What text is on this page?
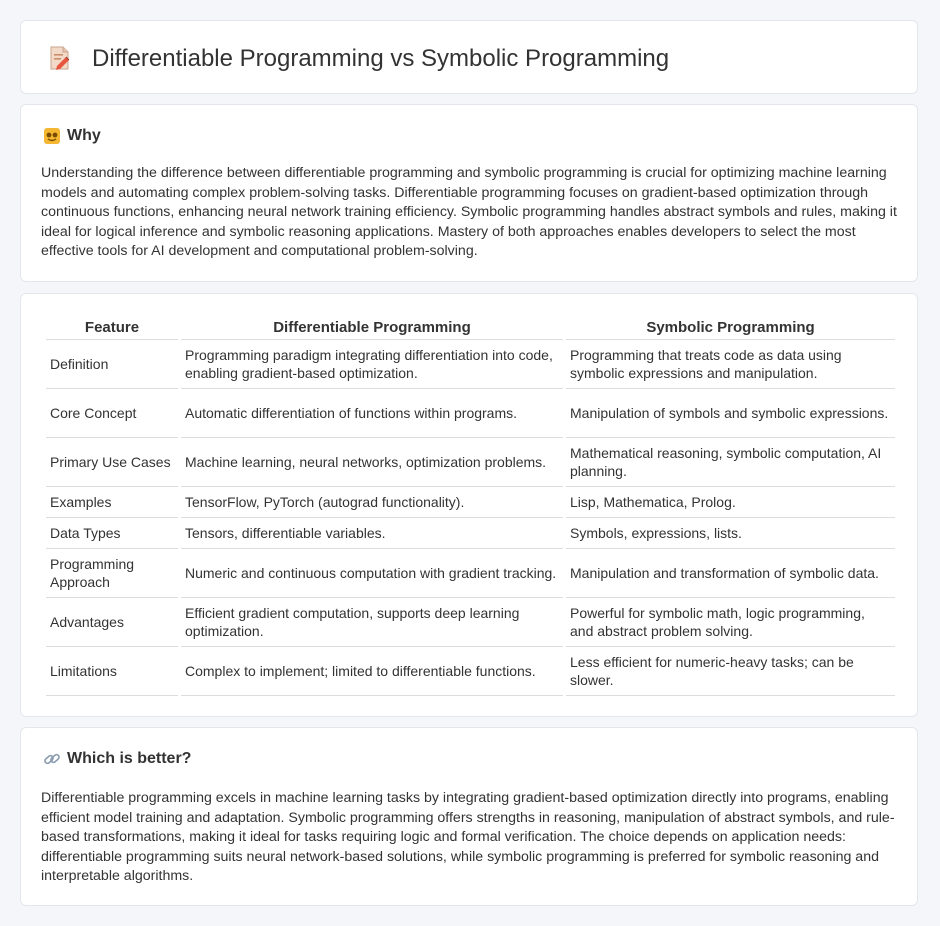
Differentiable Programming vs Symbolic Programming
Why

Understanding the difference between differentiable programming and symbolic programming is crucial for optimizing machine learning models and automating complex problem-solving tasks. Differentiable programming focuses on gradient-based optimization through continuous functions, enhancing neural network training efficiency. Symbolic programming handles abstract symbols and rules, making it ideal for logical inference and symbolic reasoning applications. Mastery of both approaches enables developers to select the most effective tools for AI development and computational problem-solving.

Feature	Differentiable Programming	Symbolic Programming
Definition	Programming paradigm integrating differentiation into code, enabling gradient-based optimization.	Programming that treats code as data using symbolic expressions and manipulation.
Core Concept	Automatic differentiation of functions within programs.	Manipulation of symbols and symbolic expressions.
Primary Use Cases	Machine learning, neural networks, optimization problems.	Mathematical reasoning, symbolic computation, AI planning.
Examples	TensorFlow, PyTorch (autograd functionality).	Lisp, Mathematica, Prolog.
Data Types	Tensors, differentiable variables.	Symbols, expressions, lists.
Programming Approach	Numeric and continuous computation with gradient tracking.	Manipulation and transformation of symbolic data.
Advantages	Efficient gradient computation, supports deep learning optimization.	Powerful for symbolic math, logic programming, and abstract problem solving.
Limitations	Complex to implement; limited to differentiable functions.	Less efficient for numeric-heavy tasks; can be slower.
Which is better?

Differentiable programming excels in machine learning tasks by integrating gradient-based optimization directly into programs, enabling efficient model training and adaptation. Symbolic programming offers strengths in reasoning, manipulation of abstract symbols, and rule-based transformations, making it ideal for tasks requiring logic and formal verification. The choice depends on application needs: differentiable programming suits neural network-based solutions, while symbolic programming is preferred for symbolic reasoning and interpretable algorithms.
